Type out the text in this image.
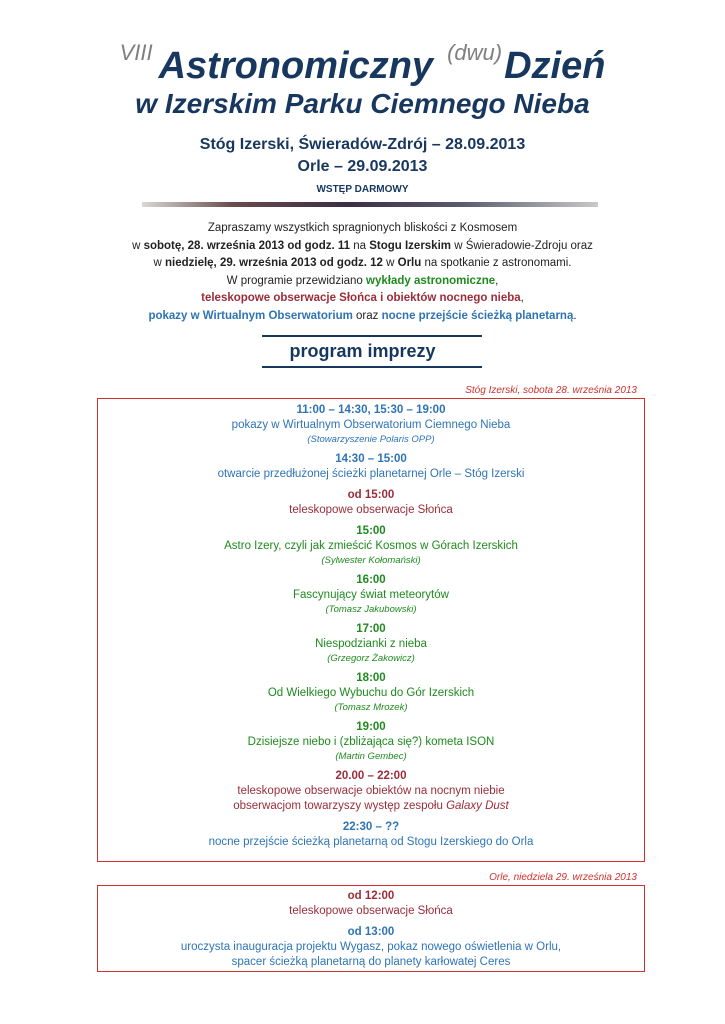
VIII Astronomiczny (dwu)Dzień
w Izerskim Parku Ciemnego Nieba
Stóg Izerski, Świeradów-Zdrój – 28.09.2013
Orle – 29.09.2013
WSTĘP DARMOWY
Zapraszamy wszystkich spragnionych bliskości z Kosmosem
w sobotę, 28. września 2013 od godz. 11 na Stogu Izerskim w Świeradowie-Zdroju oraz
w niedzielę, 29. września 2013 od godz. 12 w Orlu na spotkanie z astronomami.
W programie przewidziano wykłady astronomiczne,
teleskopowe obserwacje Słońca i obiektów nocnego nieba,
pokazy w Wirtualnym Obserwatorium oraz nocne przejście ścieżką planetarną.
program imprezy
Stóg Izerski, sobota 28. września 2013
11:00 – 14:30, 15:30 – 19:00
pokazy w Wirtualnym Obserwatorium Ciemnego Nieba
(Stowarzyszenie Polaris OPP)
14:30 – 15:00
otwarcie przedłużonej ścieżki planetarnej Orle – Stóg Izerski
od 15:00
teleskopowe obserwacje Słońca
15:00
Astro Izery, czyli jak zmieścić Kosmos w Górach Izerskich
(Sylwester Kołomański)
16:00
Fascynujący świat meteorytów
(Tomasz Jakubowski)
17:00
Niespodzianki z nieba
(Grzegorz Żakowicz)
18:00
Od Wielkiego Wybuchu do Gór Izerskich
(Tomasz Mrozek)
19:00
Dzisiejsze niebo i (zbliżająca się?) kometa ISON
(Martin Gembec)
20.00 – 22:00
teleskopowe obserwacje obiektów na nocnym niebie
obserwacjom towarzyszy występ zespołu Galaxy Dust
22:30 – ??
nocne przejście ścieżką planetarną od Stogu Izerskiego do Orla
Orle, niedziela 29. września 2013
od 12:00
teleskopowe obserwacje Słońca
od 13:00
uroczysta inauguracja projektu Wygasz, pokaz nowego oświetlenia w Orlu,
spacer ścieżką planetarną do planety karłowatej Ceres
